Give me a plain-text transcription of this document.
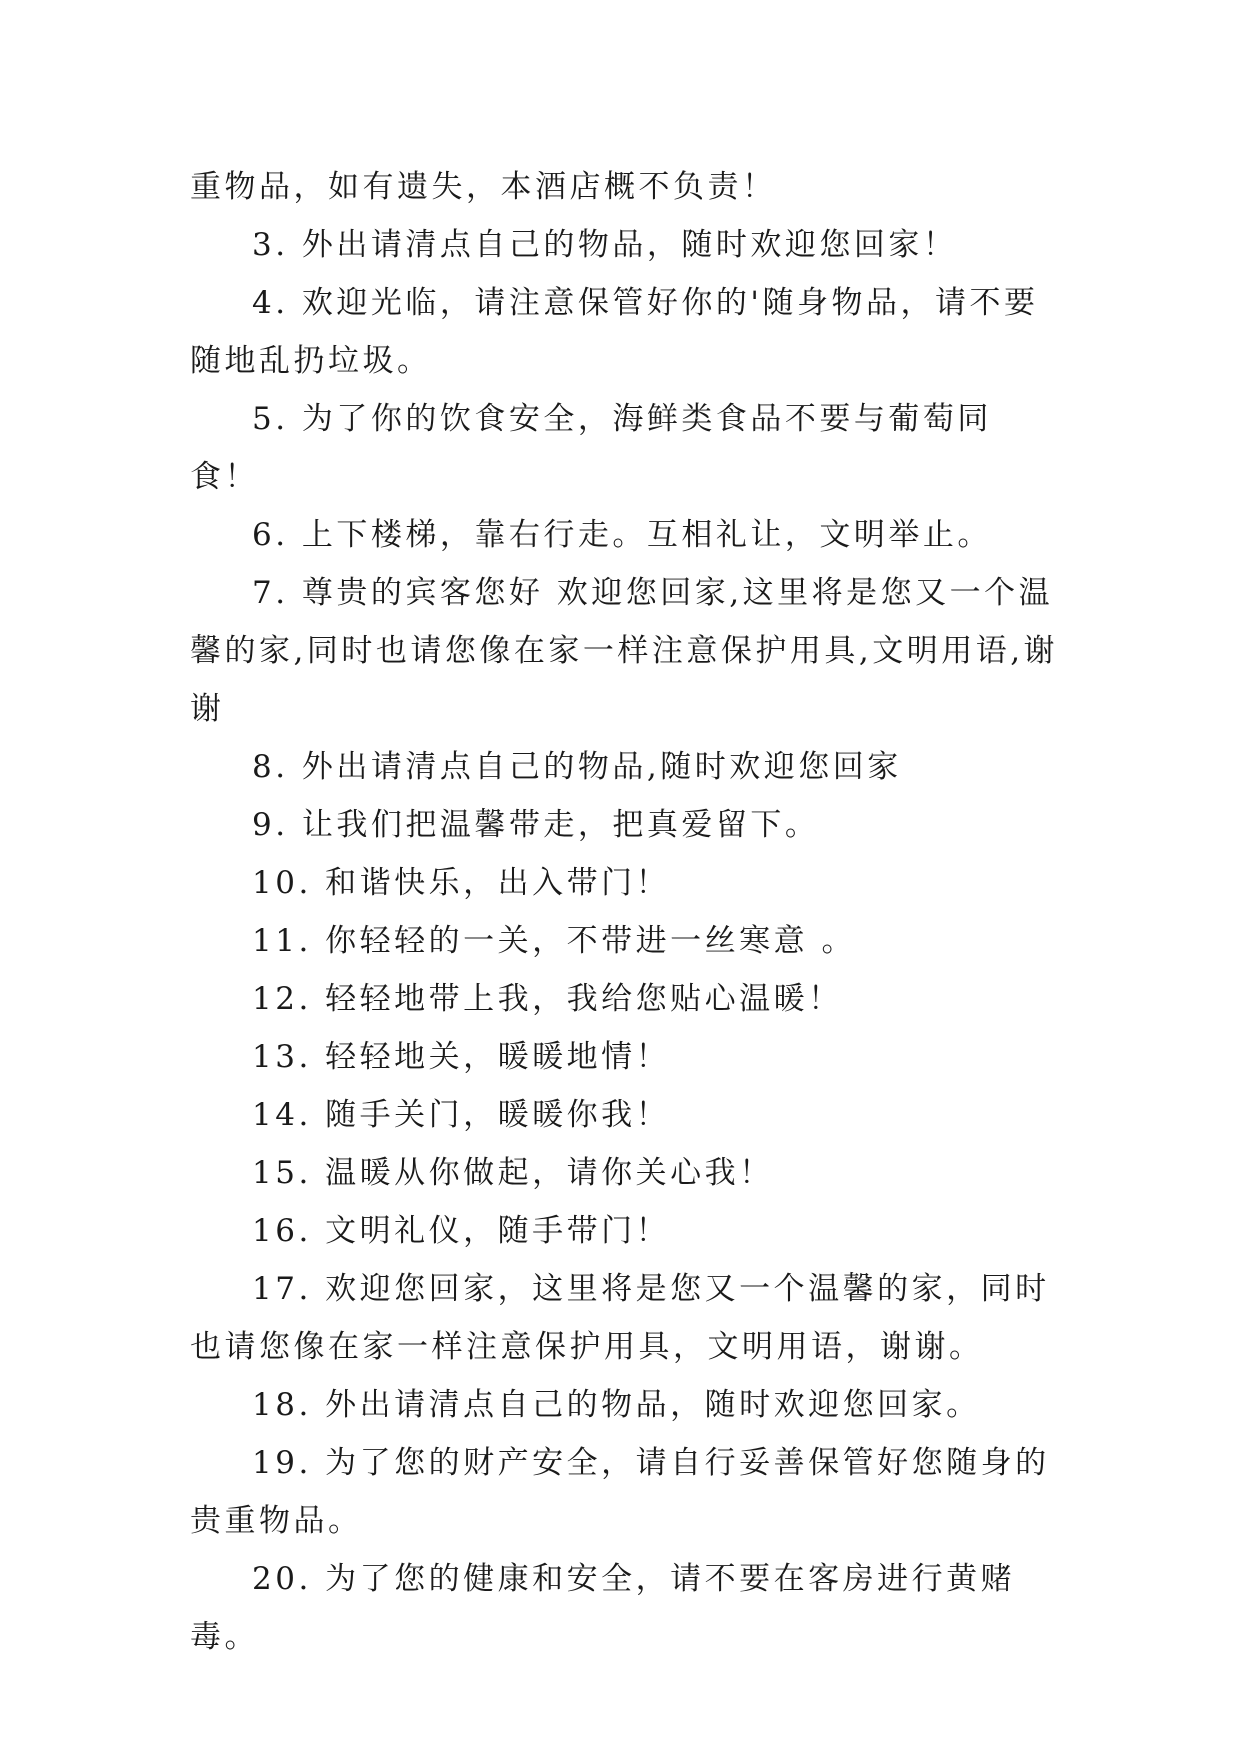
重物品，如有遗失，本酒店概不负责！

3. 外出请清点自己的物品，随时欢迎您回家！

4. 欢迎光临，请注意保管好你的'随身物品，请不要随地乱扔垃圾。

5. 为了你的饮食安全，海鲜类食品不要与葡萄同食！

6. 上下楼梯，靠右行走。互相礼让，文明举止。

7. 尊贵的宾客您好 欢迎您回家,这里将是您又一个温馨的家,同时也请您像在家一样注意保护用具,文明用语,谢谢

8. 外出请清点自己的物品,随时欢迎您回家

9. 让我们把温馨带走，把真爱留下。

10. 和谐快乐，出入带门！

11. 你轻轻的一关，不带进一丝寒意 。

12. 轻轻地带上我，我给您贴心温暖！

13. 轻轻地关，暖暖地情！

14. 随手关门，暖暖你我！

15. 温暖从你做起，请你关心我！

16. 文明礼仪，随手带门！

17. 欢迎您回家，这里将是您又一个温馨的家，同时也请您像在家一样注意保护用具，文明用语，谢谢。

18. 外出请清点自己的物品，随时欢迎您回家。

19. 为了您的财产安全，请自行妥善保管好您随身的贵重物品。

20. 为了您的健康和安全，请不要在客房进行黄赌毒。
